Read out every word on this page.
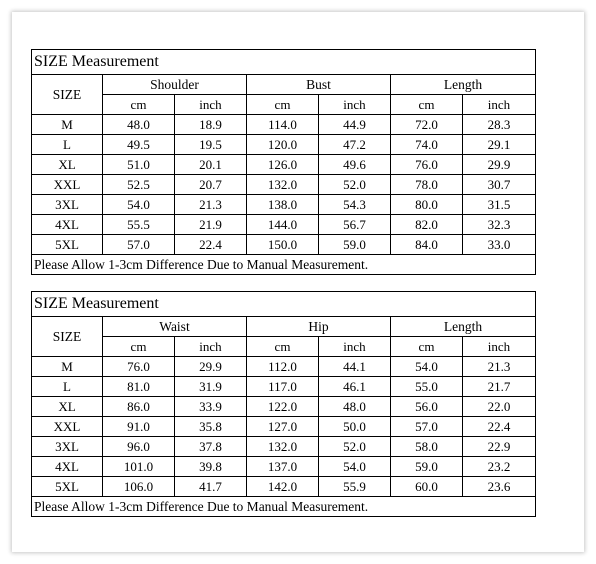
SIZE Measurement						
SIZE	Shoulder		Bust		Length	
	cm	inch	cm	inch	cm	inch
M	48.0	18.9	114.0	44.9	72.0	28.3
L	49.5	19.5	120.0	47.2	74.0	29.1
XL	51.0	20.1	126.0	49.6	76.0	29.9
XXL	52.5	20.7	132.0	52.0	78.0	30.7
3XL	54.0	21.3	138.0	54.3	80.0	31.5
4XL	55.5	21.9	144.0	56.7	82.0	32.3
5XL	57.0	22.4	150.0	59.0	84.0	33.0
Please Allow 1-3cm Difference Due to Manual Measurement.						
SIZE Measurement						
SIZE	Waist		Hip		Length	
	cm	inch	cm	inch	cm	inch
M	76.0	29.9	112.0	44.1	54.0	21.3
L	81.0	31.9	117.0	46.1	55.0	21.7
XL	86.0	33.9	122.0	48.0	56.0	22.0
XXL	91.0	35.8	127.0	50.0	57.0	22.4
3XL	96.0	37.8	132.0	52.0	58.0	22.9
4XL	101.0	39.8	137.0	54.0	59.0	23.2
5XL	106.0	41.7	142.0	55.9	60.0	23.6
Please Allow 1-3cm Difference Due to Manual Measurement.						
